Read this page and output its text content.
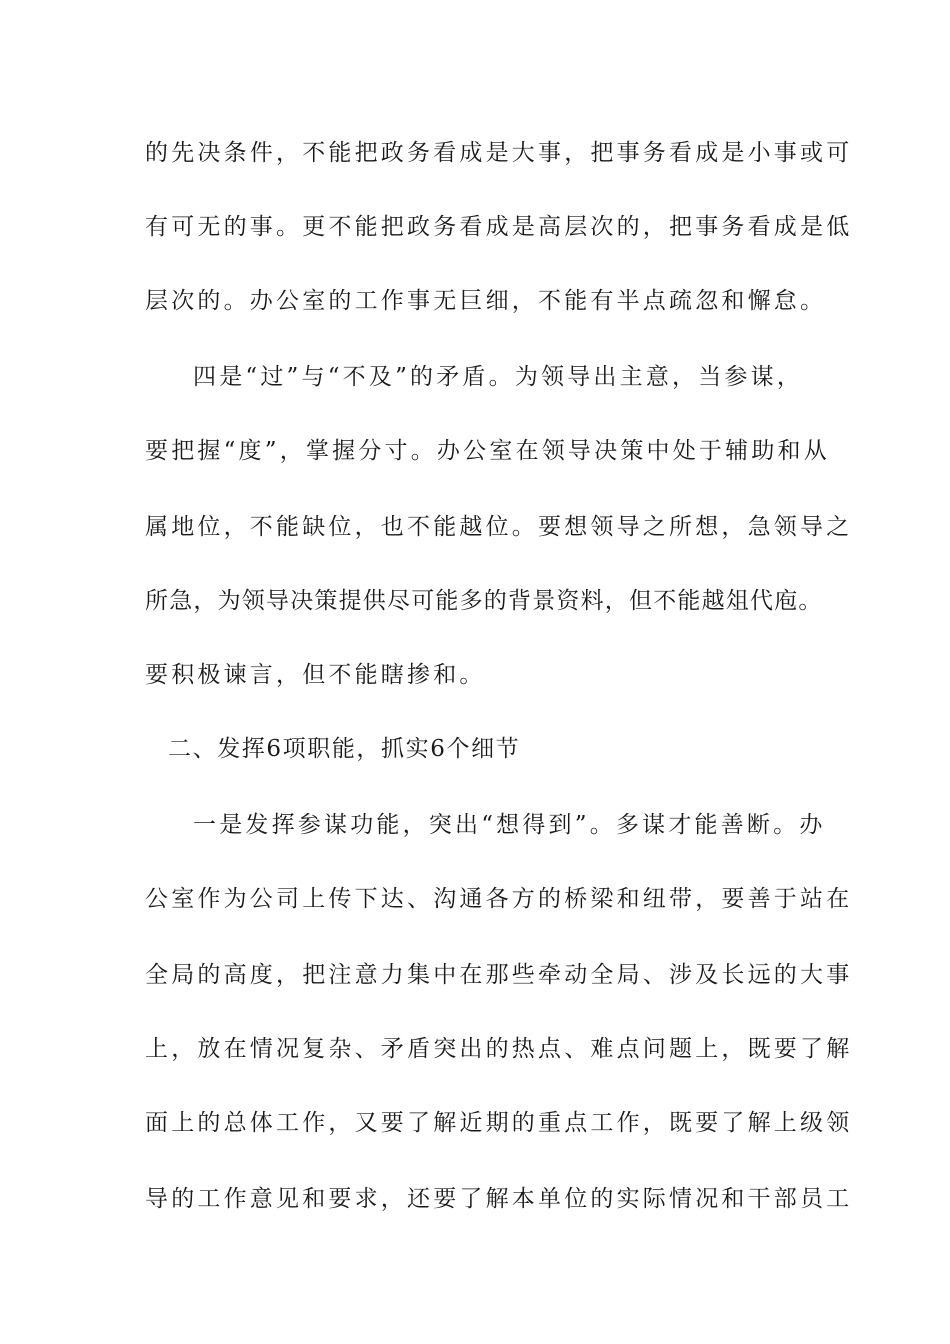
的先决条件，不能把政务看成是大事，把事务看成是小事或可
有可无的事。更不能把政务看成是高层次的，把事务看成是低
层次的。办公室的工作事无巨细，不能有半点疏忽和懈怠。
四是“过”与“不及”的矛盾。为领导出主意，当参谋，
要把握“度”，掌握分寸。办公室在领导决策中处于辅助和从
属地位，不能缺位，也不能越位。要想领导之所想，急领导之
所急，为领导决策提供尽可能多的背景资料，但不能越俎代庖。
要积极谏言，但不能瞎掺和。
二、发挥6项职能，抓实6个细节
一是发挥参谋功能，突出“想得到”。多谋才能善断。办
公室作为公司上传下达、沟通各方的桥梁和纽带，要善于站在
全局的高度，把注意力集中在那些牵动全局、涉及长远的大事
上，放在情况复杂、矛盾突出的热点、难点问题上，既要了解
面上的总体工作，又要了解近期的重点工作，既要了解上级领
导的工作意见和要求，还要了解本单位的实际情况和干部员工
